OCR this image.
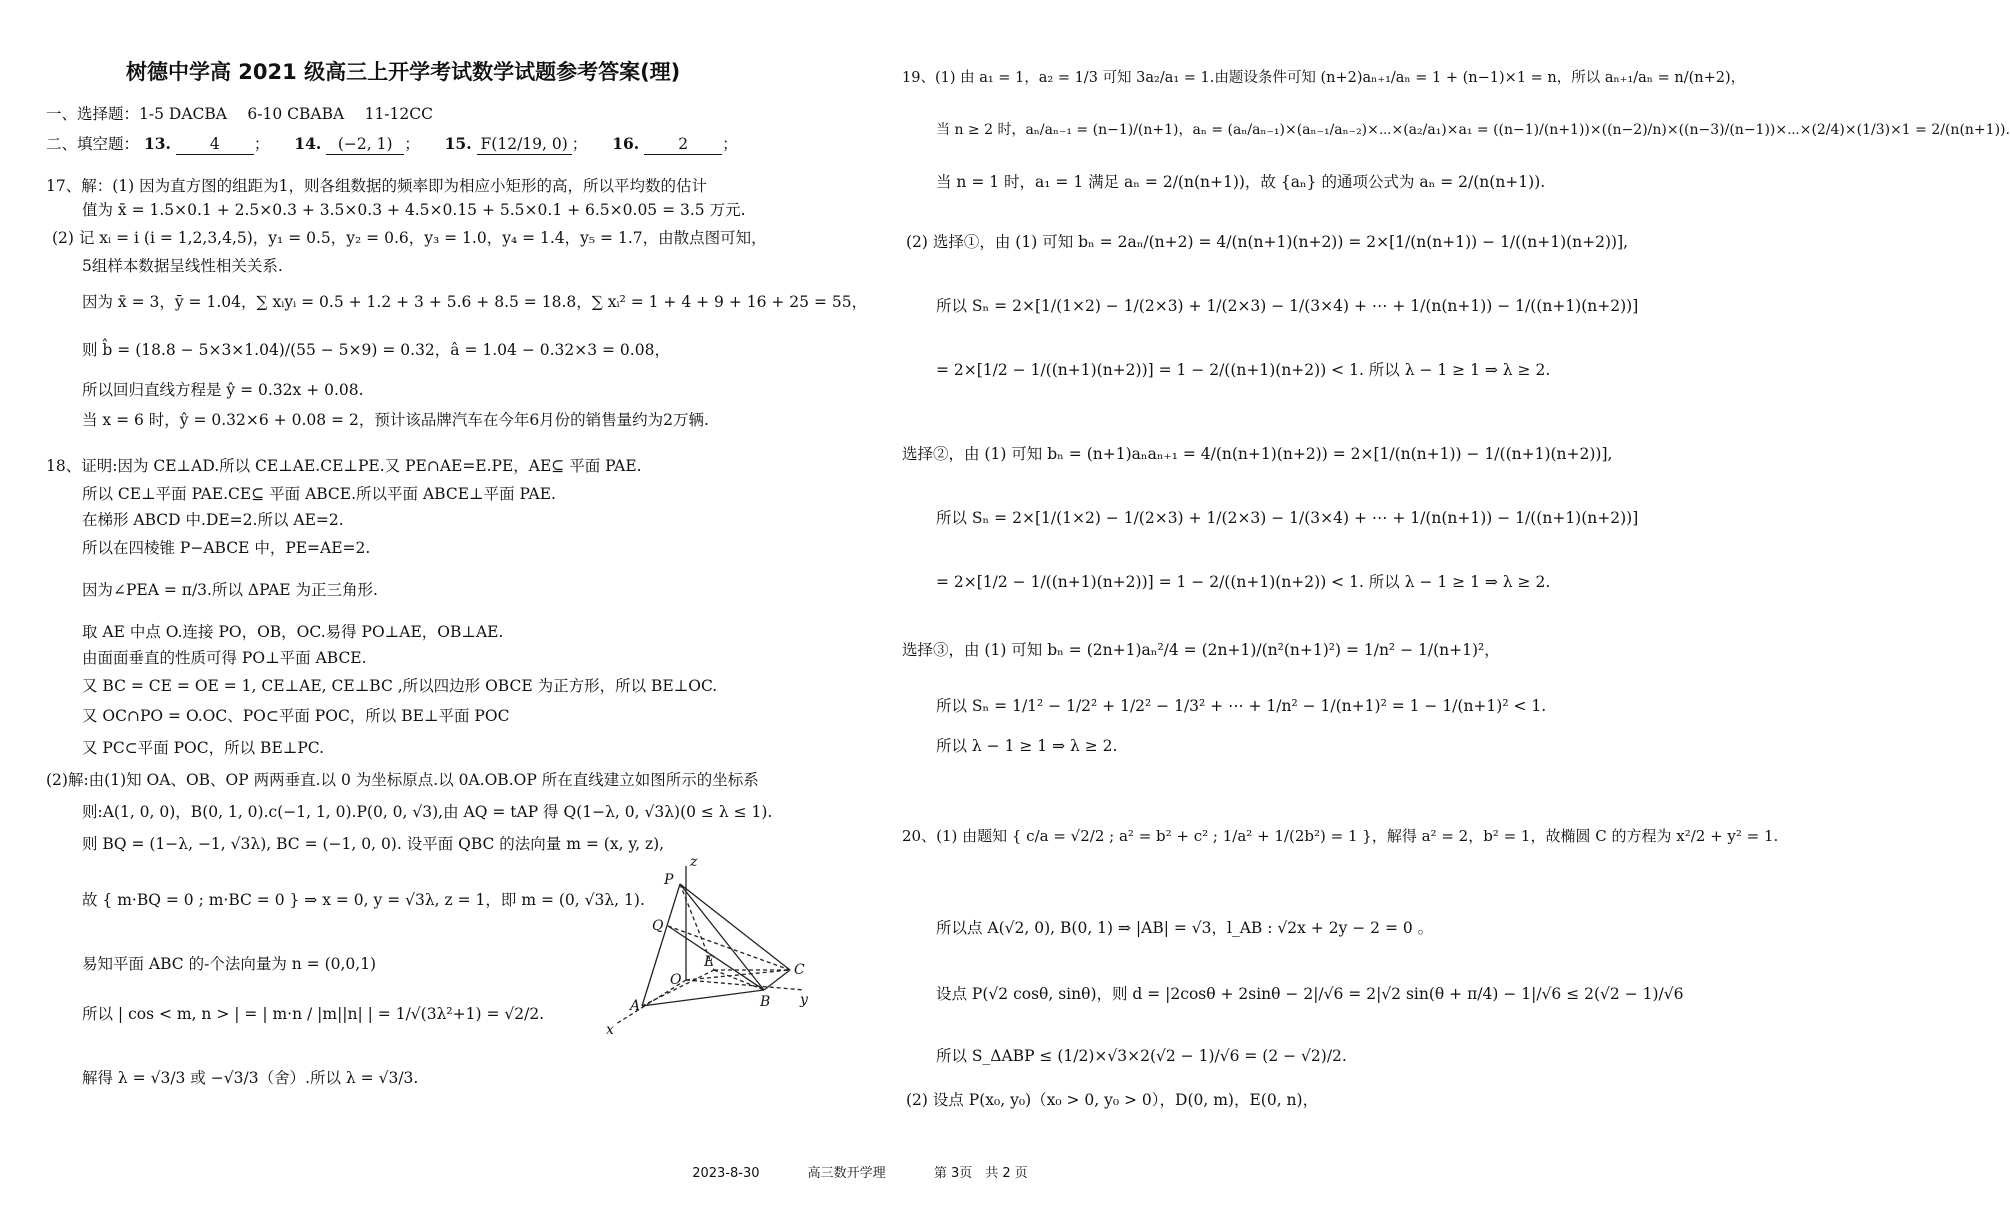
树德中学高 2021 级高三上开学考试数学试题参考答案(理)
一、选择题：1-5 DACBA　 6-10 CBABA　 11-12CC
二、填空题： 13.	4 ； 14. (−2, 1) ； 15. F(12/19, 0) ； 16.	2 ；
17、解：(1) 因为直方图的组距为1，则各组数据的频率即为相应小矩形的高，所以平均数的估计
值为 x̄ = 1.5×0.1 + 2.5×0.3 + 3.5×0.3 + 4.5×0.15 + 5.5×0.1 + 6.5×0.05 = 3.5 万元.
(2) 记 xᵢ = i (i = 1,2,3,4,5)，y₁ = 0.5，y₂ = 0.6，y₃ = 1.0，y₄ = 1.4，y₅ = 1.7，由散点图可知，
5组样本数据呈线性相关关系.
因为 x̄ = 3，ȳ = 1.04，∑ xᵢyᵢ = 0.5 + 1.2 + 3 + 5.6 + 8.5 = 18.8，∑ xᵢ² = 1 + 4 + 9 + 16 + 25 = 55，
则 b̂ = (18.8 − 5×3×1.04)/(55 − 5×9) = 0.32，â = 1.04 − 0.32×3 = 0.08，
所以回归直线方程是 ŷ = 0.32x + 0.08.
当 x = 6 时，ŷ = 0.32×6 + 0.08 = 2，预计该品牌汽车在今年6月份的销售量约为2万辆.
18、证明:因为 CE⊥AD.所以 CE⊥AE.CE⊥PE.又 PE∩AE=E.PE，AE⊆ 平面 PAE.
所以 CE⊥平面 PAE.CE⊆ 平面 ABCE.所以平面 ABCE⊥平面 PAE.
在梯形 ABCD 中.DE=2.所以 AE=2.
所以在四棱锥 P−ABCE 中，PE=AE=2.
因为∠PEA = π/3.所以 ΔPAE 为正三角形.
取 AE 中点 O.连接 PO，OB，OC.易得 PO⊥AE，OB⊥AE.
由面面垂直的性质可得 PO⊥平面 ABCE.
又 BC = CE = OE = 1, CE⊥AE, CE⊥BC ,所以四边形 OBCE 为正方形，所以 BE⊥OC.
又 OC∩PO = O.OC、PO⊂平面 POC，所以 BE⊥平面 POC
又 PC⊂平面 POC，所以 BE⊥PC.
(2)解:由(1)知 OA、OB、OP 两两垂直.以 0 为坐标原点.以 0A.OB.OP 所在直线建立如图所示的坐标系
则:A(1, 0, 0)，B(0, 1, 0).c(−1, 1, 0).P(0, 0, √3),由 AQ = tAP 得 Q(1−λ, 0, √3λ)(0 ≤ λ ≤ 1).
则 BQ = (1−λ, −1, √3λ), BC = (−1, 0, 0). 设平面 QBC 的法向量 m = (x, y, z),
故 { m·BQ = 0 ; m·BC = 0 } ⇒ x = 0, y = √3λ, z = 1，即 m = (0, √3λ, 1).
易知平面 ABC 的-个法向量为 n = (0,0,1)
所以 | cos < m, n > | = | m·n / |m||n| | = 1/√(3λ²+1) = √2/2.
解得 λ = √3/3 或 −√3/3（舍）.所以 λ = √3/3.
z
P
Q
E
O
C
A	B
x
y
19、(1) 由 a₁ = 1，a₂ = 1/3 可知 3a₂/a₁ = 1.由题设条件可知 (n+2)aₙ₊₁/aₙ = 1 + (n−1)×1 = n，所以 aₙ₊₁/aₙ = n/(n+2)，
当 n ≥ 2 时，aₙ/aₙ₋₁ = (n−1)/(n+1)，aₙ = (aₙ/aₙ₋₁)×(aₙ₋₁/aₙ₋₂)×⋯×(a₂/a₁)×a₁ = ((n−1)/(n+1))×((n−2)/n)×((n−3)/(n−1))×⋯×(2/4)×(1/3)×1 = 2/(n(n+1)).
当 n = 1 时，a₁ = 1 满足 aₙ = 2/(n(n+1))，故 {aₙ} 的通项公式为 aₙ = 2/(n(n+1)).
(2) 选择①，由 (1) 可知 bₙ = 2aₙ/(n+2) = 4/(n(n+1)(n+2)) = 2×[1/(n(n+1)) − 1/((n+1)(n+2))],
所以 Sₙ = 2×[1/(1×2) − 1/(2×3) + 1/(2×3) − 1/(3×4) + ⋯ + 1/(n(n+1)) − 1/((n+1)(n+2))]
= 2×[1/2 − 1/((n+1)(n+2))] = 1 − 2/((n+1)(n+2)) < 1. 所以 λ − 1 ≥ 1 ⇒ λ ≥ 2.
选择②，由 (1) 可知 bₙ = (n+1)aₙaₙ₊₁ = 4/(n(n+1)(n+2)) = 2×[1/(n(n+1)) − 1/((n+1)(n+2))],
所以 Sₙ = 2×[1/(1×2) − 1/(2×3) + 1/(2×3) − 1/(3×4) + ⋯ + 1/(n(n+1)) − 1/((n+1)(n+2))]
= 2×[1/2 − 1/((n+1)(n+2))] = 1 − 2/((n+1)(n+2)) < 1. 所以 λ − 1 ≥ 1 ⇒ λ ≥ 2.
选择③，由 (1) 可知 bₙ = (2n+1)aₙ²/4 = (2n+1)/(n²(n+1)²) = 1/n² − 1/(n+1)²，
所以 Sₙ = 1/1² − 1/2² + 1/2² − 1/3² + ⋯ + 1/n² − 1/(n+1)² = 1 − 1/(n+1)² < 1.
所以 λ − 1 ≥ 1 ⇒ λ ≥ 2.
20、(1) 由题知 { c/a = √2/2 ; a² = b² + c² ; 1/a² + 1/(2b²) = 1 }，解得 a² = 2，b² = 1，故椭圆 C 的方程为 x²/2 + y² = 1.
所以点 A(√2, 0), B(0, 1) ⇒ |AB| = √3，l_AB : √2x + 2y − 2 = 0 。
设点 P(√2 cosθ, sinθ)，则 d = |2cosθ + 2sinθ − 2|/√6 = 2|√2 sin(θ + π/4) − 1|/√6 ≤ 2(√2 − 1)/√6
所以 S_ΔABP ≤ (1/2)×√3×2(√2 − 1)/√6 = (2 − √2)/2.
(2) 设点 P(x₀, y₀)（x₀ > 0, y₀ > 0），D(0, m)，E(0, n)，
2023-8-30	高三数开学理	第 3页　共 2 页
